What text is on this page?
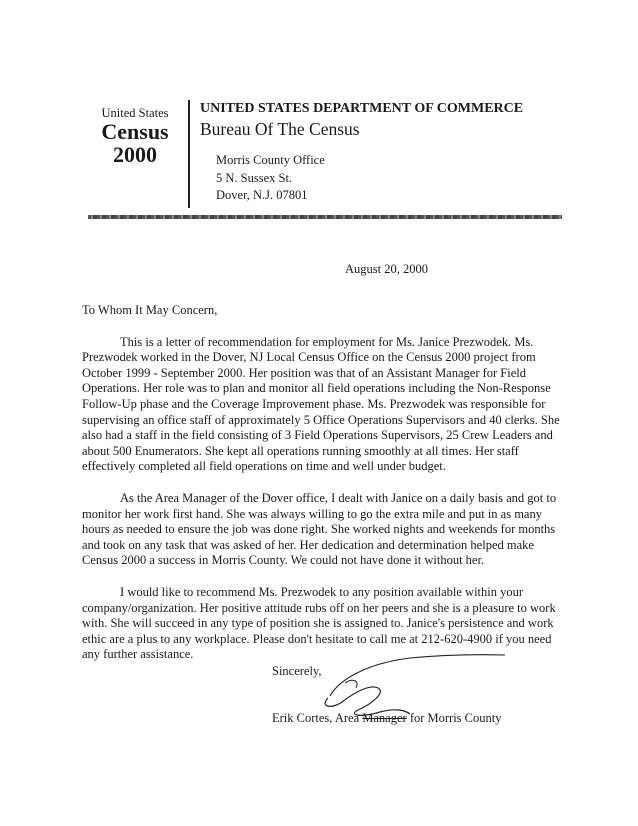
United States
Census
2000
UNITED STATES DEPARTMENT OF COMMERCE
Bureau Of The Census
Morris County Office
5 N. Sussex St.
Dover, N.J. 07801
August 20, 2000

To Whom It May Concern,

This is a letter of recommendation for employment for Ms. Janice Prezwodek. Ms. Prezwodek worked in the Dover, NJ Local Census Office on the Census 2000 project from October 1999 - September 2000. Her position was that of an Assistant Manager for Field Operations. Her role was to plan and monitor all field operations including the Non-Response Follow-Up phase and the Coverage Improvement phase. Ms. Prezwodek was responsible for supervising an office staff of approximately 5 Office Operations Supervisors and 40 clerks. She also had a staff in the field consisting of 3 Field Operations Supervisors, 25 Crew Leaders and about 500 Enumerators. She kept all operations running smoothly at all times. Her staff effectively completed all field operations on time and well under budget.

As the Area Manager of the Dover office, I dealt with Janice on a daily basis and got to monitor her work first hand. She was always willing to go the extra mile and put in as many hours as needed to ensure the job was done right. She worked nights and weekends for months and took on any task that was asked of her. Her dedication and determination helped make Census 2000 a success in Morris County. We could not have done it without her.

I would like to recommend Ms. Prezwodek to any position available within your company/organization. Her positive attitude rubs off on her peers and she is a pleasure to work with. She will succeed in any type of position she is assigned to. Janice's persistence and work ethic are a plus to any workplace. Please don't hesitate to call me at 212-620-4900 if you need any further assistance.

Sincerely,
Erik Cortes, Area Manager for Morris County
